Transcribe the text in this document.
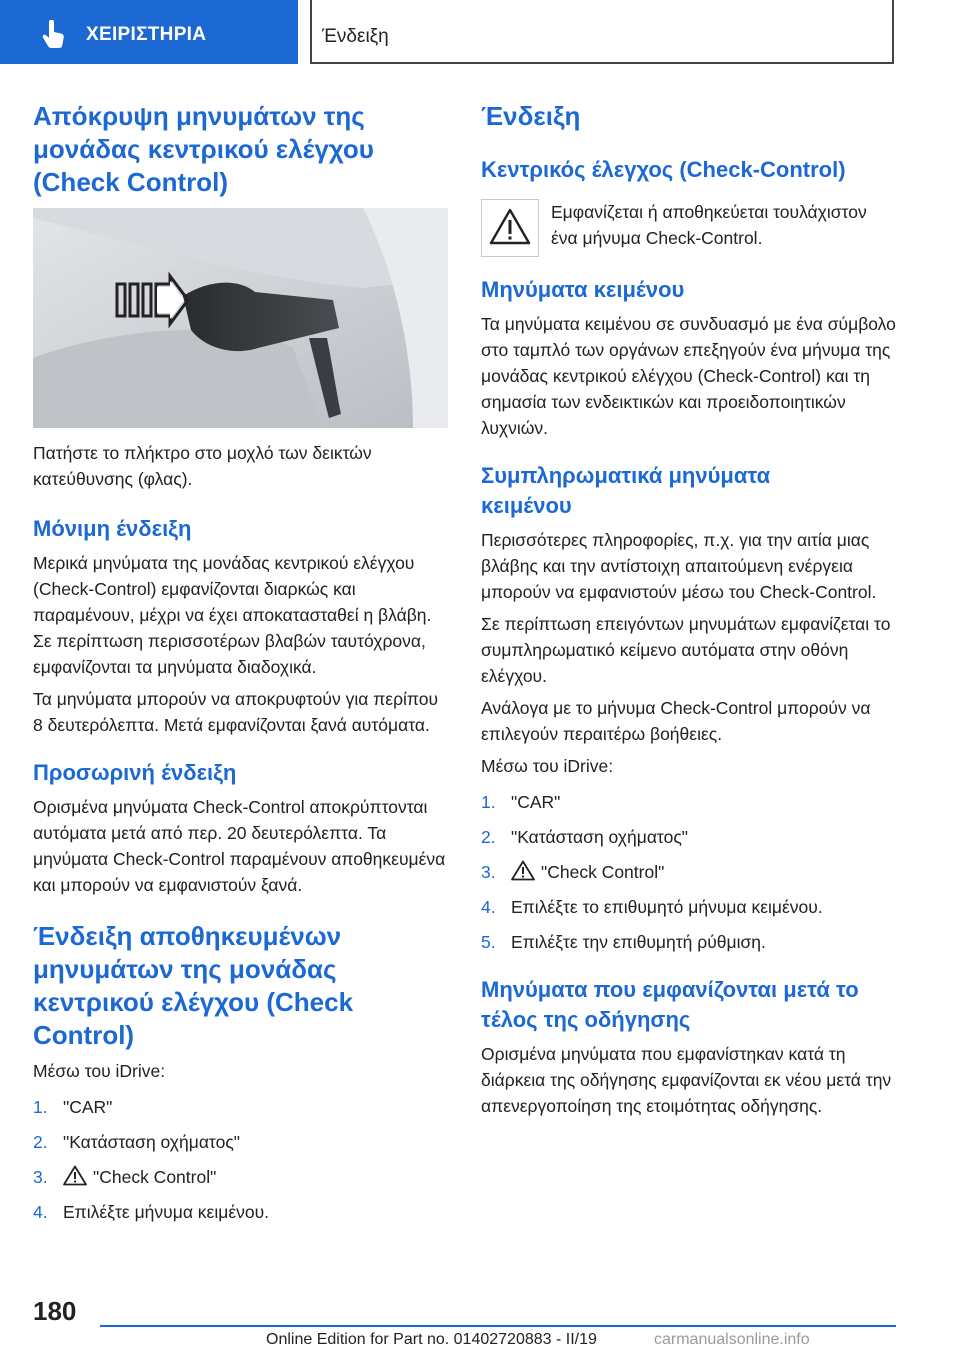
ΧΕΙΡΙΣΤΗΡΙΑ	Ένδειξη
Απόκρυψη μηνυμάτων της μονάδας κεντρικού ελέγχου (Check Control)

Πατήστε το πλήκτρο στο μοχλό των δεικτών κατεύθυνσης (φλας).

Μόνιμη ένδειξη

Μερικά μηνύματα της μονάδας κεντρικού ελέγχου (Check-Control) εμφανίζονται διαρκώς και παραμένουν, μέχρι να έχει αποκατασταθεί η βλάβη. Σε περίπτωση περισσοτέρων βλαβών ταυτόχρονα, εμφανίζονται τα μηνύματα διαδοχικά.

Τα μηνύματα μπορούν να αποκρυφτούν για περίπου 8 δευτερόλεπτα. Μετά εμφανίζονται ξανά αυτόματα.

Προσωρινή ένδειξη

Ορισμένα μηνύματα Check-Control αποκρύπτονται αυτόματα μετά από περ. 20 δευτερόλεπτα. Τα μηνύματα Check-Control παραμένουν αποθηκευμένα και μπορούν να εμφανιστούν ξανά.

Ένδειξη αποθηκευμένων μηνυμάτων της μονάδας κεντρικού ελέγχου (Check Control)

Μέσω του iDrive:

1. "CAR"
2. "Κατάσταση οχήματος"
3.	"Check Control"
4. Επιλέξτε μήνυμα κειμένου.
Ένδειξη
Κεντρικός έλεγχος (Check-Control)

Εμφανίζεται ή αποθηκεύεται τουλάχιστον ένα μήνυμα Check-Control.

Μηνύματα κειμένου

Τα μηνύματα κειμένου σε συνδυασμό με ένα σύμβολο στο ταμπλό των οργάνων επεξηγούν ένα μήνυμα της μονάδας κεντρικού ελέγχου (Check-Control) και τη σημασία των ενδεικτικών και προειδοποιητικών λυχνιών.

Συμπληρωματικά μηνύματα κειμένου

Περισσότερες πληροφορίες, π.χ. για την αιτία μιας βλάβης και την αντίστοιχη απαιτούμενη ενέργεια μπορούν να εμφανιστούν μέσω του Check-Control.

Σε περίπτωση επειγόντων μηνυμάτων εμφανίζεται το συμπληρωματικό κείμενο αυτόματα στην οθόνη ελέγχου.

Ανάλογα με το μήνυμα Check-Control μπορούν να επιλεγούν περαιτέρω βοήθειες.

Μέσω του iDrive:

1. "CAR"
2. "Κατάσταση οχήματος"
3.	"Check Control"
4. Επιλέξτε το επιθυμητό μήνυμα κειμένου.
5. Επιλέξτε την επιθυμητή ρύθμιση.
Μηνύματα που εμφανίζονται μετά το τέλος της οδήγησης

Ορισμένα μηνύματα που εμφανίστηκαν κατά τη διάρκεια της οδήγησης εμφανίζονται εκ νέου μετά την απενεργοποίηση της ετοιμότητας οδήγησης.

180
Online Edition for Part no. 01402720883 - II/19	carmanualsonline.info
